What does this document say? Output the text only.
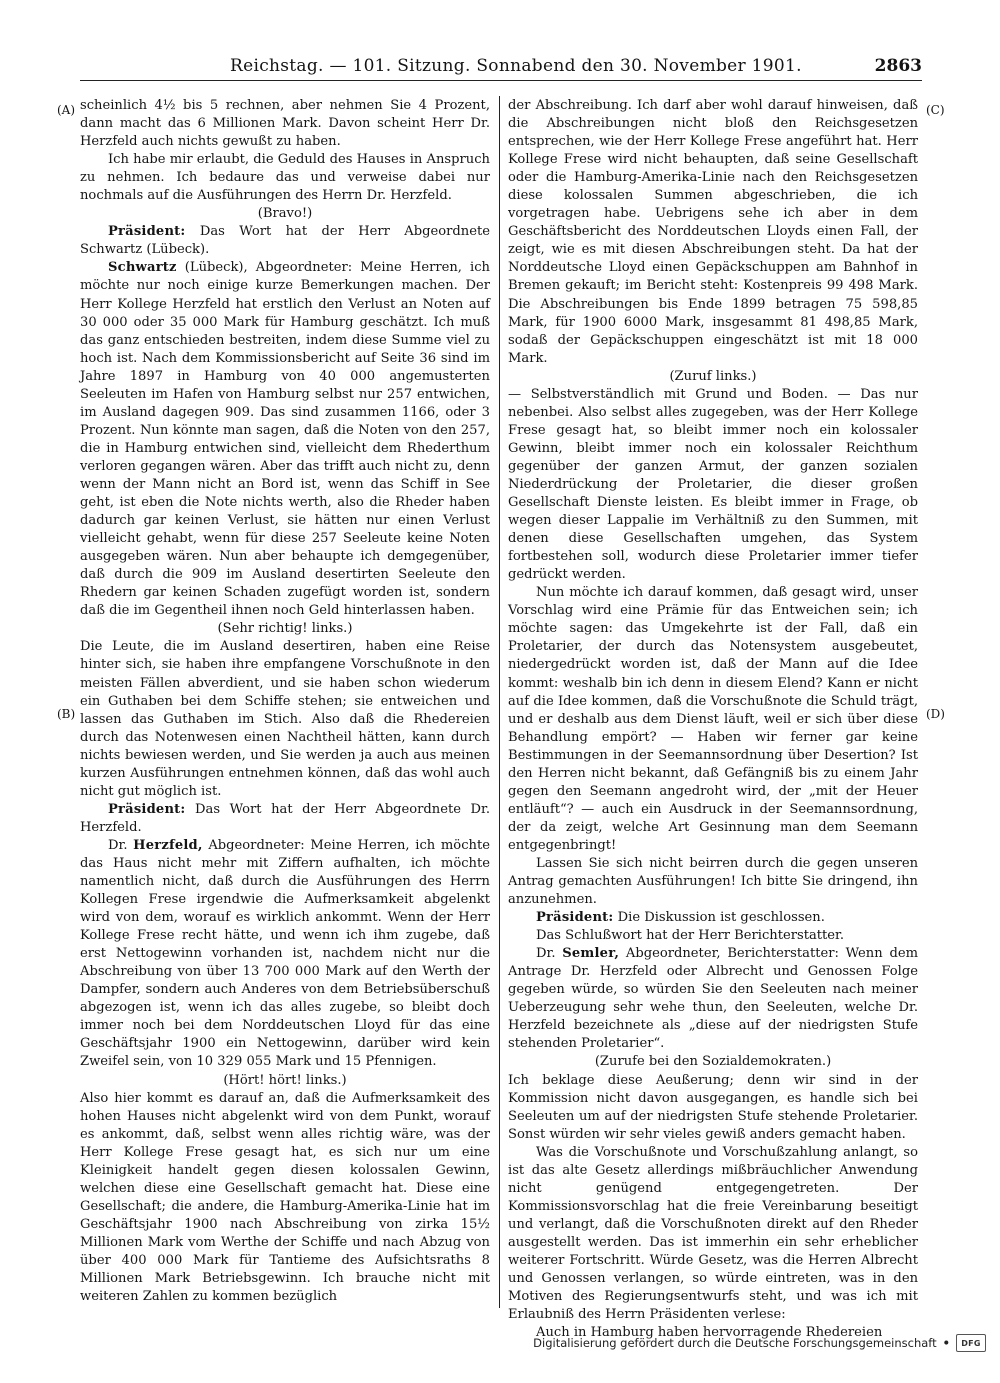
Reichstag. — 101. Sitzung. Sonnabend den 30. November 1901.	2863
(A)
(B)
(C)
(D)

scheinlich 4½ bis 5 rechnen, aber nehmen Sie 4 Prozent, dann macht das 6 Millionen Mark. Davon scheint Herr Dr. Herzfeld auch nichts gewußt zu haben.

Ich habe mir erlaubt, die Geduld des Hauses in Anspruch zu nehmen. Ich bedaure das und verweise dabei nur nochmals auf die Ausführungen des Herrn Dr. Herzfeld.

(Bravo!)

Präsident: Das Wort hat der Herr Abgeordnete Schwartz (Lübeck).

Schwartz (Lübeck), Abgeordneter: Meine Herren, ich möchte nur noch einige kurze Bemerkungen machen. Der Herr Kollege Herzfeld hat erstlich den Verlust an Noten auf 30 000 oder 35 000 Mark für Hamburg geschätzt. Ich muß das ganz entschieden bestreiten, indem diese Summe viel zu hoch ist. Nach dem Kommissionsbericht auf Seite 36 sind im Jahre 1897 in Hamburg von 40 000 angemusterten Seeleuten im Hafen von Hamburg selbst nur 257 entwichen, im Ausland dagegen 909. Das sind zusammen 1166, oder 3 Prozent. Nun könnte man sagen, daß die Noten von den 257, die in Hamburg entwichen sind, vielleicht dem Rhederthum verloren gegangen wären. Aber das trifft auch nicht zu, denn wenn der Mann nicht an Bord ist, wenn das Schiff in See geht, ist eben die Note nichts werth, also die Rheder haben dadurch gar keinen Verlust, sie hätten nur einen Verlust vielleicht gehabt, wenn für diese 257 Seeleute keine Noten ausgegeben wären. Nun aber behaupte ich demgegenüber, daß durch die 909 im Ausland desertirten Seeleute den Rhedern gar keinen Schaden zugefügt worden ist, sondern daß die im Gegentheil ihnen noch Geld hinterlassen haben.

(Sehr richtig! links.)

Die Leute, die im Ausland desertiren, haben eine Reise hinter sich, sie haben ihre empfangene Vorschußnote in den meisten Fällen abverdient, und sie haben schon wiederum ein Guthaben bei dem Schiffe stehen; sie entweichen und lassen das Guthaben im Stich. Also daß die Rhedereien durch das Notenwesen einen Nachtheil hätten, kann durch nichts bewiesen werden, und Sie werden ja auch aus meinen kurzen Ausführungen entnehmen können, daß das wohl auch nicht gut möglich ist.

Präsident: Das Wort hat der Herr Abgeordnete Dr. Herzfeld.

Dr. Herzfeld, Abgeordneter: Meine Herren, ich möchte das Haus nicht mehr mit Ziffern aufhalten, ich möchte namentlich nicht, daß durch die Ausführungen des Herrn Kollegen Frese irgendwie die Aufmerksamkeit abgelenkt wird von dem, worauf es wirklich ankommt. Wenn der Herr Kollege Frese recht hätte, und wenn ich ihm zugebe, daß erst Nettogewinn vorhanden ist, nachdem nicht nur die Abschreibung von über 13 700 000 Mark auf den Werth der Dampfer, sondern auch Anderes von dem Betriebsüberschuß abgezogen ist, wenn ich das alles zugebe, so bleibt doch immer noch bei dem Norddeutschen Lloyd für das eine Geschäftsjahr 1900 ein Nettogewinn, darüber wird kein Zweifel sein, von 10 329 055 Mark und 15 Pfennigen.

(Hört! hört! links.)

Also hier kommt es darauf an, daß die Aufmerksamkeit des hohen Hauses nicht abgelenkt wird von dem Punkt, worauf es ankommt, daß, selbst wenn alles richtig wäre, was der Herr Kollege Frese gesagt hat, es sich nur um eine Kleinigkeit handelt gegen diesen kolossalen Gewinn, welchen diese eine Gesellschaft gemacht hat. Diese eine Gesellschaft; die andere, die Hamburg-Amerika-Linie hat im Geschäftsjahr 1900 nach Abschreibung von zirka 15½ Millionen Mark vom Werthe der Schiffe und nach Abzug von über 400 000 Mark für Tantieme des Aufsichtsraths 8 Millionen Mark Betriebsgewinn. Ich brauche nicht mit weiteren Zahlen zu kommen bezüglich

der Abschreibung. Ich darf aber wohl darauf hinweisen, daß die Abschreibungen nicht bloß den Reichsgesetzen entsprechen, wie der Herr Kollege Frese angeführt hat. Herr Kollege Frese wird nicht behaupten, daß seine Gesellschaft oder die Hamburg-Amerika-Linie nach den Reichsgesetzen diese kolossalen Summen abgeschrieben, die ich vorgetragen habe. Uebrigens sehe ich aber in dem Geschäftsbericht des Norddeutschen Lloyds einen Fall, der zeigt, wie es mit diesen Abschreibungen steht. Da hat der Norddeutsche Lloyd einen Gepäckschuppen am Bahnhof in Bremen gekauft; im Bericht steht: Kostenpreis 99 498 Mark. Die Abschreibungen bis Ende 1899 betragen 75 598,85 Mark, für 1900 6000 Mark, insgesammt 81 498,85 Mark, sodaß der Gepäckschuppen eingeschätzt ist mit 18 000 Mark.

(Zuruf links.)

— Selbstverständlich mit Grund und Boden. — Das nur nebenbei. Also selbst alles zugegeben, was der Herr Kollege Frese gesagt hat, so bleibt immer noch ein kolossaler Gewinn, bleibt immer noch ein kolossaler Reichthum gegenüber der ganzen Armut, der ganzen sozialen Niederdrückung der Proletarier, die dieser großen Gesellschaft Dienste leisten. Es bleibt immer in Frage, ob wegen dieser Lappalie im Verhältniß zu den Summen, mit denen diese Gesellschaften umgehen, das System fortbestehen soll, wodurch diese Proletarier immer tiefer gedrückt werden.

Nun möchte ich darauf kommen, daß gesagt wird, unser Vorschlag wird eine Prämie für das Entweichen sein; ich möchte sagen: das Umgekehrte ist der Fall, daß ein Proletarier, der durch das Notensystem ausgebeutet, niedergedrückt worden ist, daß der Mann auf die Idee kommt: weshalb bin ich denn in diesem Elend? Kann er nicht auf die Idee kommen, daß die Vorschußnote die Schuld trägt, und er deshalb aus dem Dienst läuft, weil er sich über diese Behandlung empört? — Haben wir ferner gar keine Bestimmungen in der Seemannsordnung über Desertion? Ist den Herren nicht bekannt, daß Gefängniß bis zu einem Jahr gegen den Seemann angedroht wird, der „mit der Heuer entläuft“? — auch ein Ausdruck in der Seemannsordnung, der da zeigt, welche Art Gesinnung man dem Seemann entgegenbringt!

Lassen Sie sich nicht beirren durch die gegen unseren Antrag gemachten Ausführungen! Ich bitte Sie dringend, ihn anzunehmen.

Präsident: Die Diskussion ist geschlossen.

Das Schlußwort hat der Herr Berichterstatter.

Dr. Semler, Abgeordneter, Berichterstatter: Wenn dem Antrage Dr. Herzfeld oder Albrecht und Genossen Folge gegeben würde, so würden Sie den Seeleuten nach meiner Ueberzeugung sehr wehe thun, den Seeleuten, welche Dr. Herzfeld bezeichnete als „diese auf der niedrigsten Stufe stehenden Proletarier“.

(Zurufe bei den Sozialdemokraten.)

Ich beklage diese Aeußerung; denn wir sind in der Kommission nicht davon ausgegangen, es handle sich bei Seeleuten um auf der niedrigsten Stufe stehende Proletarier. Sonst würden wir sehr vieles gewiß anders gemacht haben.

Was die Vorschußnote und Vorschußzahlung anlangt, so ist das alte Gesetz allerdings mißbräuchlicher Anwendung nicht genügend entgegengetreten. Der Kommissionsvorschlag hat die freie Vereinbarung beseitigt und verlangt, daß die Vorschußnoten direkt auf den Rheder ausgestellt werden. Das ist immerhin ein sehr erheblicher weiterer Fortschritt. Würde Gesetz, was die Herren Albrecht und Genossen verlangen, so würde eintreten, was in den Motiven des Regierungsentwurfs steht, und was ich mit Erlaubniß des Herrn Präsidenten verlese:

Auch in Hamburg haben hervorragende Rhedereien

Digitalisierung gefördert durch die Deutsche Forschungsgemeinschaft •	DFG
